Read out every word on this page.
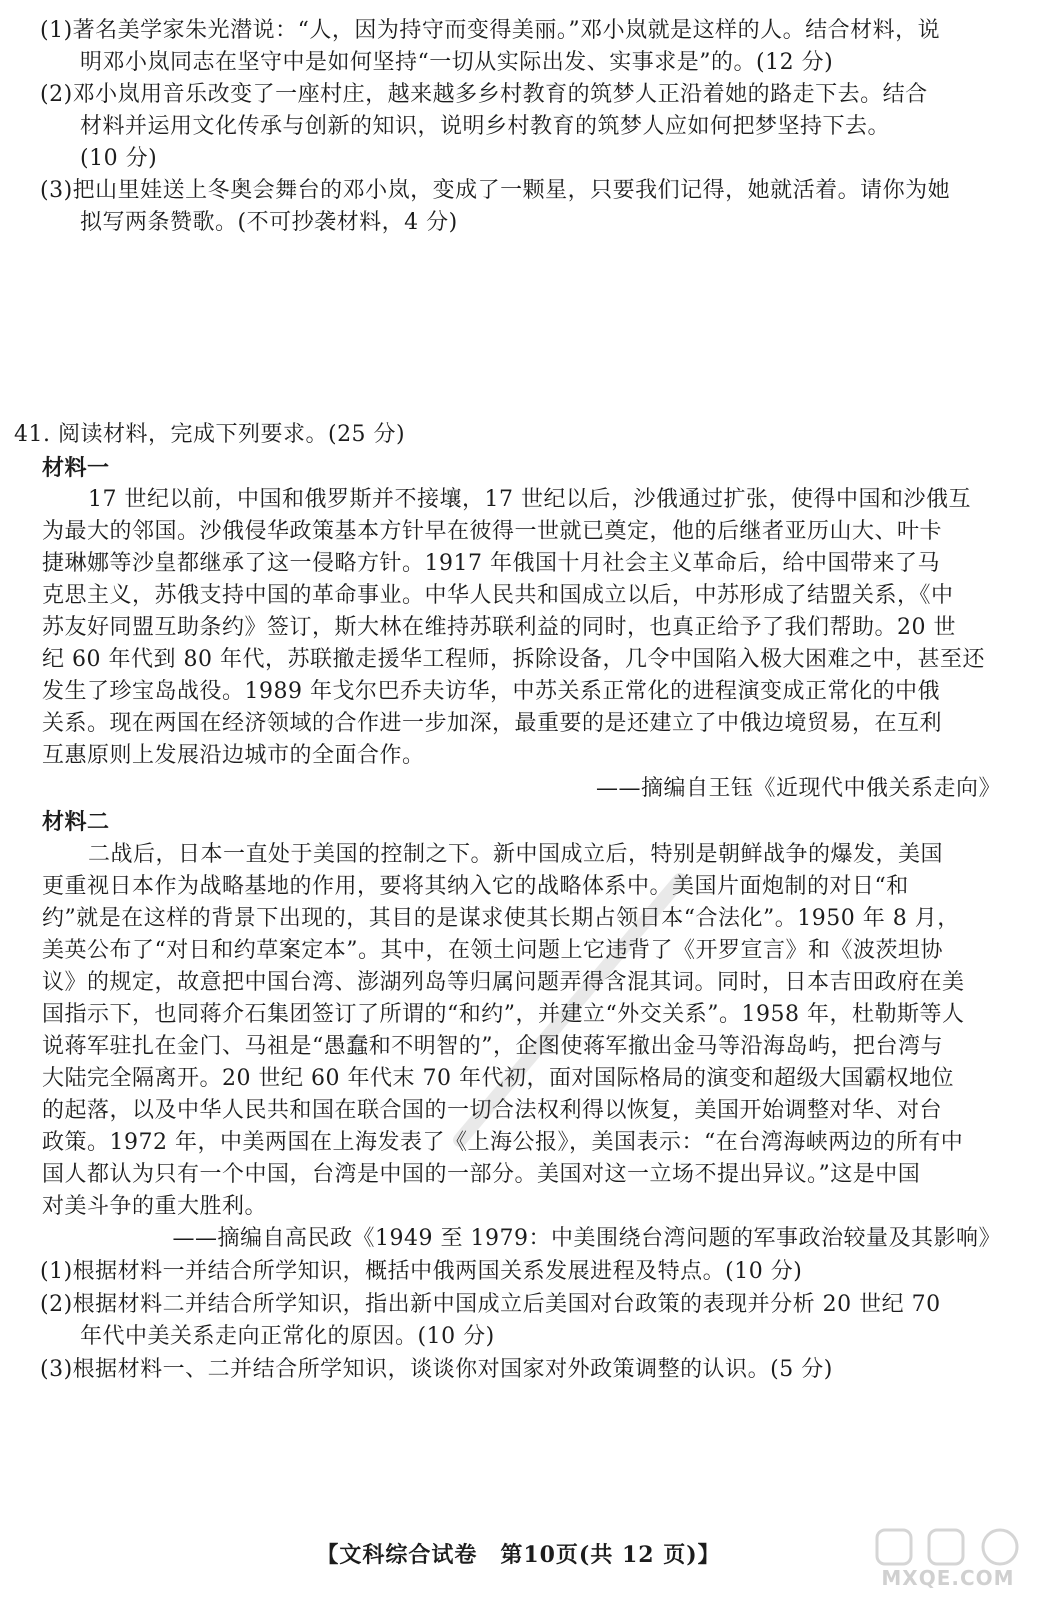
(1)著名美学家朱光潜说：“人，因为持守而变得美丽。”邓小岚就是这样的人。结合材料，说
明邓小岚同志在坚守中是如何坚持“一切从实际出发、实事求是”的。(12 分)
(2)邓小岚用音乐改变了一座村庄，越来越多乡村教育的筑梦人正沿着她的路走下去。结合
材料并运用文化传承与创新的知识，说明乡村教育的筑梦人应如何把梦坚持下去。
(10 分)
(3)把山里娃送上冬奥会舞台的邓小岚，变成了一颗星，只要我们记得，她就活着。请你为她
拟写两条赞歌。(不可抄袭材料，4 分)
41. 阅读材料，完成下列要求。(25 分)
材料一
17 世纪以前，中国和俄罗斯并不接壤，17 世纪以后，沙俄通过扩张，使得中国和沙俄互
为最大的邻国。沙俄侵华政策基本方针早在彼得一世就已奠定，他的后继者亚历山大、叶卡
捷琳娜等沙皇都继承了这一侵略方针。1917 年俄国十月社会主义革命后，给中国带来了马
克思主义，苏俄支持中国的革命事业。中华人民共和国成立以后，中苏形成了结盟关系，《中
苏友好同盟互助条约》签订，斯大林在维持苏联利益的同时，也真正给予了我们帮助。20 世
纪 60 年代到 80 年代，苏联撤走援华工程师，拆除设备，几令中国陷入极大困难之中，甚至还
发生了珍宝岛战役。1989 年戈尔巴乔夫访华，中苏关系正常化的进程演变成正常化的中俄
关系。现在两国在经济领域的合作进一步加深，最重要的是还建立了中俄边境贸易，在互利
互惠原则上发展沿边城市的全面合作。
——摘编自王钰《近现代中俄关系走向》
材料二
二战后，日本一直处于美国的控制之下。新中国成立后，特别是朝鲜战争的爆发，美国
更重视日本作为战略基地的作用，要将其纳入它的战略体系中。美国片面炮制的对日“和
约”就是在这样的背景下出现的，其目的是谋求使其长期占领日本“合法化”。1950 年 8 月，
美英公布了“对日和约草案定本”。其中，在领土问题上它违背了《开罗宣言》和《波茨坦协
议》的规定，故意把中国台湾、澎湖列岛等归属问题弄得含混其词。同时，日本吉田政府在美
国指示下，也同蒋介石集团签订了所谓的“和约”，并建立“外交关系”。1958 年，杜勒斯等人
说蒋军驻扎在金门、马祖是“愚蠢和不明智的”，企图使蒋军撤出金马等沿海岛屿，把台湾与
大陆完全隔离开。20 世纪 60 年代末 70 年代初，面对国际格局的演变和超级大国霸权地位
的起落，以及中华人民共和国在联合国的一切合法权利得以恢复，美国开始调整对华、对台
政策。1972 年，中美两国在上海发表了《上海公报》，美国表示：“在台湾海峡两边的所有中
国人都认为只有一个中国，台湾是中国的一部分。美国对这一立场不提出异议。”这是中国
对美斗争的重大胜利。
——摘编自高民政《1949 至 1979：中美围绕台湾问题的军事政治较量及其影响》
(1)根据材料一并结合所学知识，概括中俄两国关系发展进程及特点。(10 分)
(2)根据材料二并结合所学知识，指出新中国成立后美国对台政策的表现并分析 20 世纪 70
年代中美关系走向正常化的原因。(10 分)
(3)根据材料一、二并结合所学知识，谈谈你对国家对外政策调整的认识。(5 分)
【文科综合试卷　第10页(共 12 页)】
MXQE.COM
